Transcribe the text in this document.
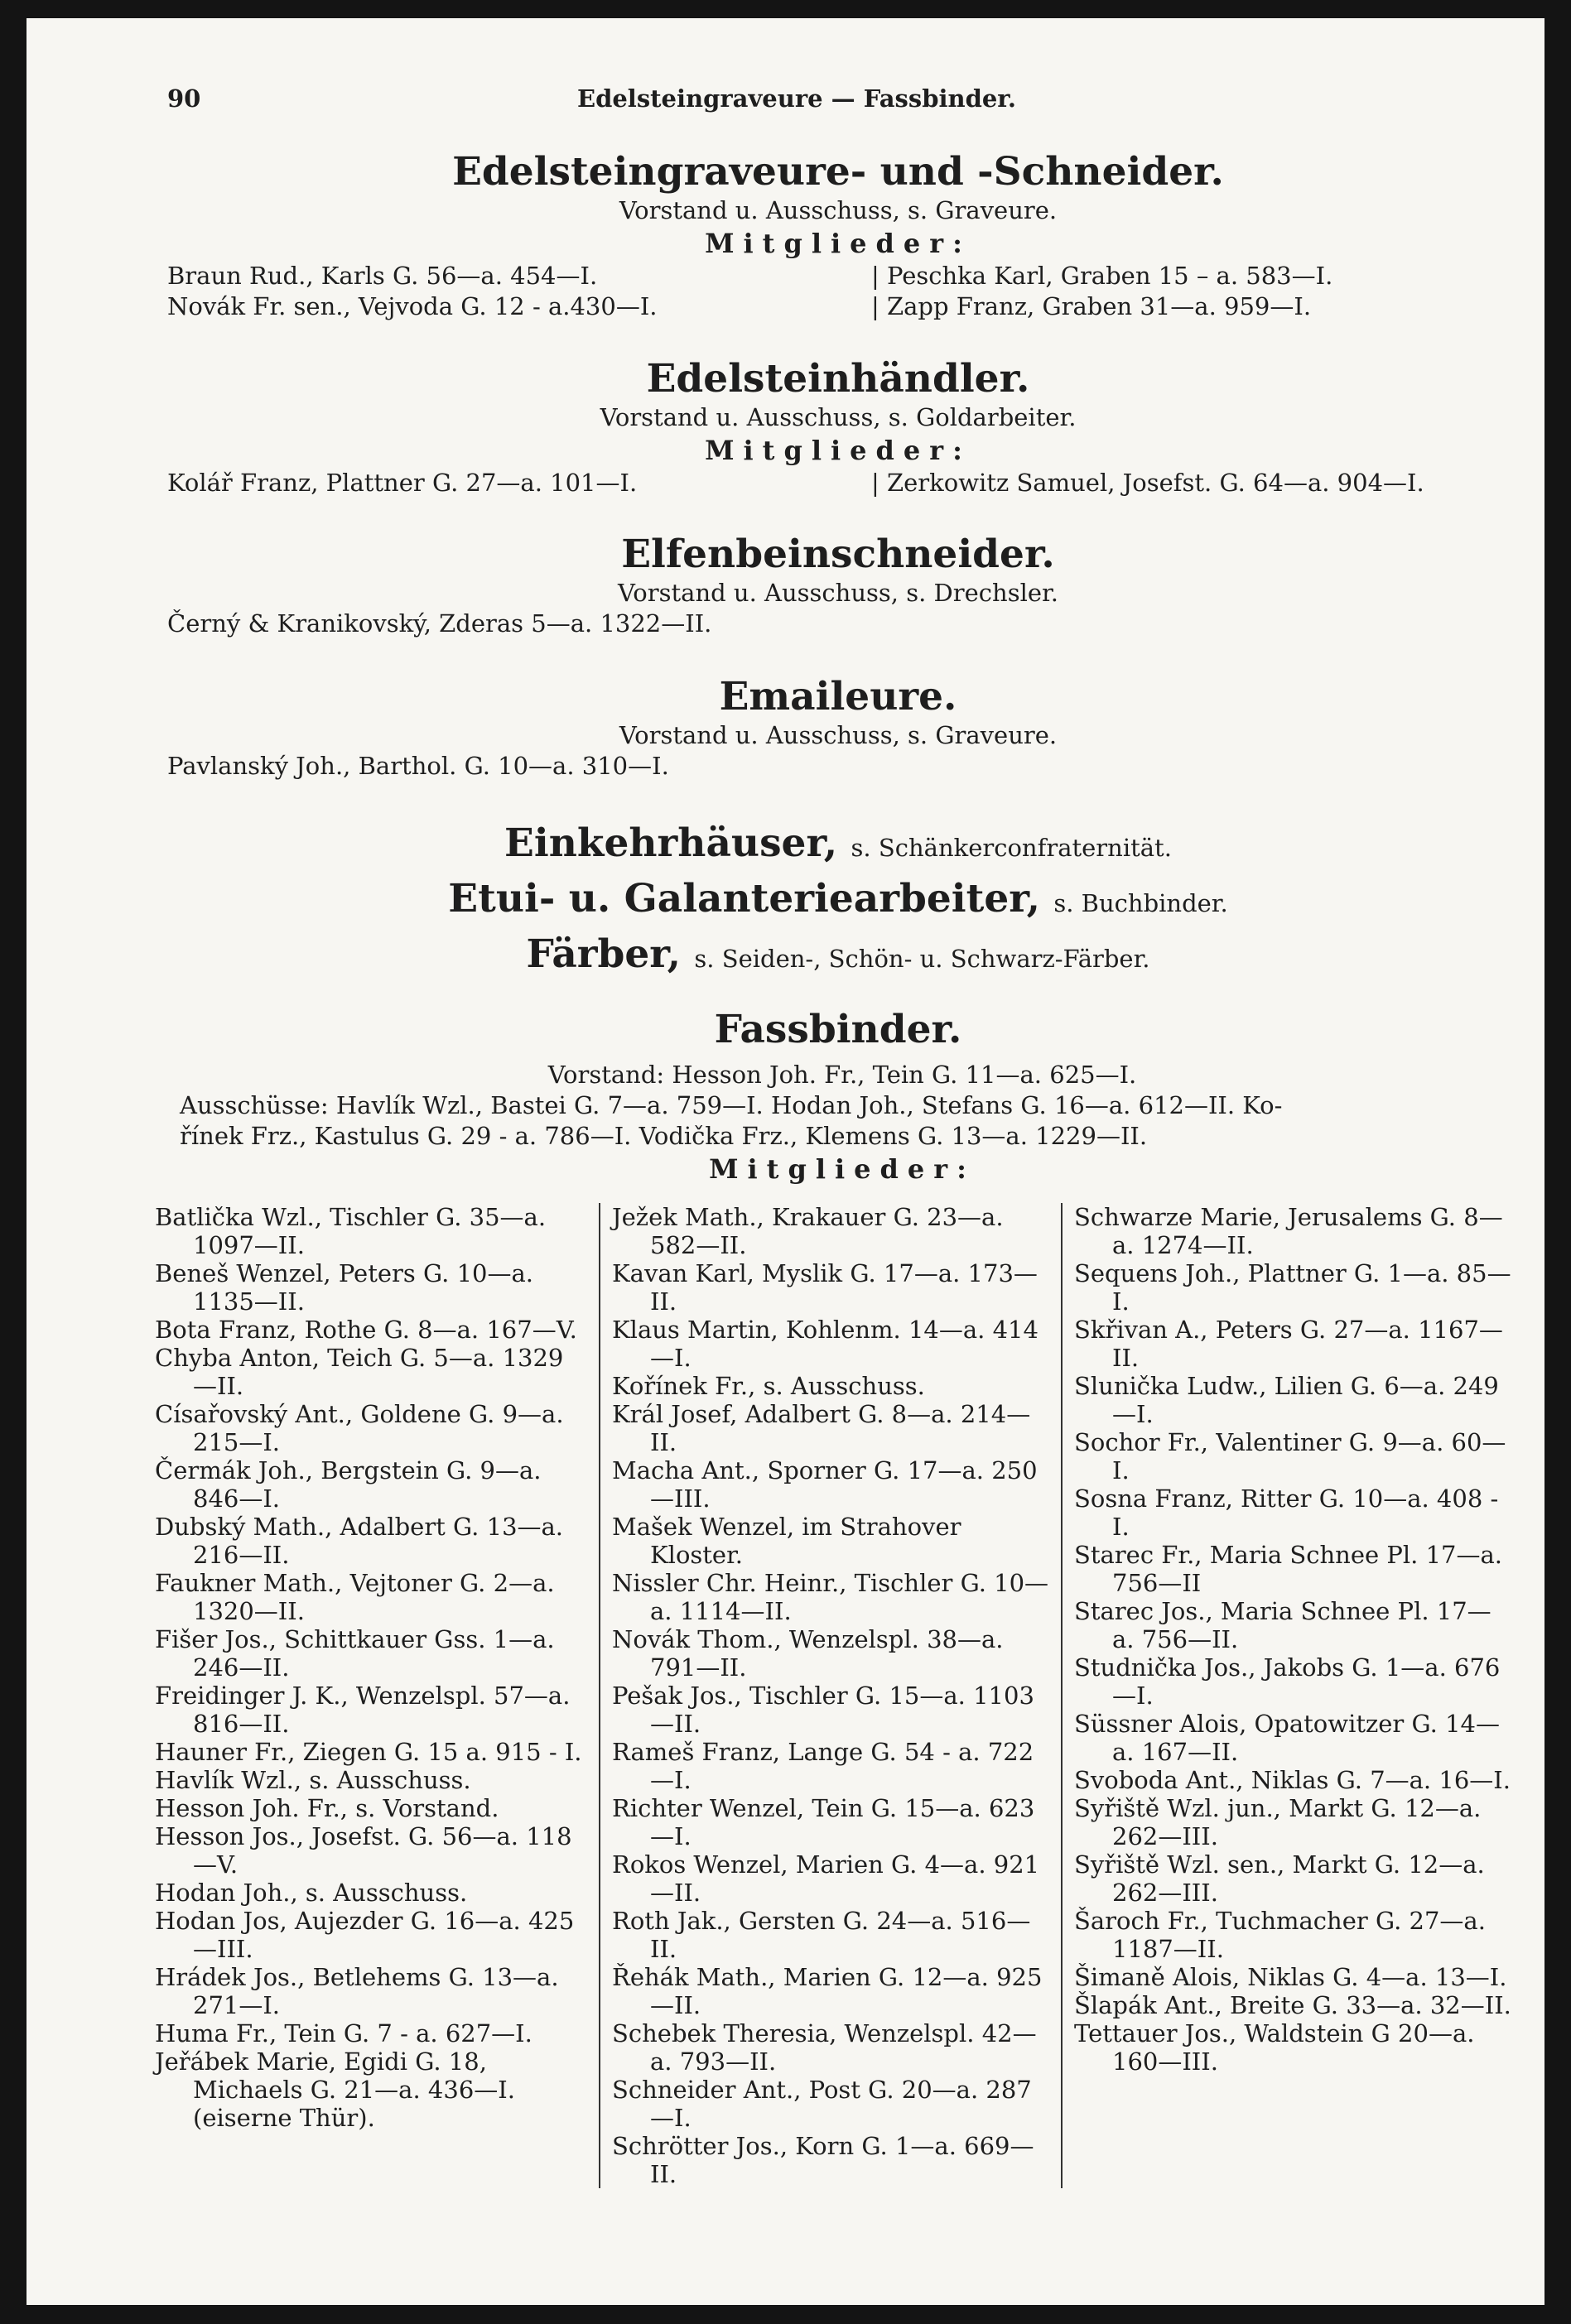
90	Edelsteingraveure — Fassbinder.
Edelsteingraveure- und -Schneider.
Vorstand u. Ausschuss, s. Graveure.
Mitglieder:
Braun Rud., Karls G. 56—a. 454—I.	| Peschka Karl, Graben 15 – a. 583—I.
Novák Fr. sen., Vejvoda G. 12 - a.430—I.	| Zapp Franz, Graben 31—a. 959—I.
Edelsteinhändler.
Vorstand u. Ausschuss, s. Goldarbeiter.
Mitglieder:
Kolář Franz, Plattner G. 27—a. 101—I.	| Zerkowitz Samuel, Josefst. G. 64—a. 904—I.
Elfenbeinschneider.
Vorstand u. Ausschuss, s. Drechsler.
Černý & Kranikovský, Zderas 5—a. 1322—II.
Emaileure.
Vorstand u. Ausschuss, s. Graveure.
Pavlanský Joh., Barthol. G. 10—a. 310—I.
Einkehrhäuser, s. Schänkerconfraternität.
Etui- u. Galanteriearbeiter, s. Buchbinder.
Färber, s. Seiden-, Schön- u. Schwarz-Färber.
Fassbinder.
Vorstand: Hesson Joh. Fr., Tein G. 11—a. 625—I.
Ausschüsse: Havlík Wzl., Bastei G. 7—a. 759—I. Hodan Joh., Stefans G. 16—a. 612—II. Ko-
řínek Frz., Kastulus G. 29 - a. 786—I. Vodička Frz., Klemens G. 13—a. 1229—II.
Mitglieder:

Batlička Wzl., Tischler G. 35—a. 1097—II.

Beneš Wenzel, Peters G. 10—a. 1135—II.

Bota Franz, Rothe G. 8—a. 167—V.

Chyba Anton, Teich G. 5—a. 1329—II.

Císařovský Ant., Goldene G. 9—a. 215—I.

Čermák Joh., Bergstein G. 9—a. 846—I.

Dubský Math., Adalbert G. 13—a. 216—II.

Faukner Math., Vejtoner G. 2—a. 1320—II.

Fišer Jos., Schittkauer Gss. 1—a. 246—II.

Freidinger J. K., Wenzelspl. 57—a. 816—II.

Hauner Fr., Ziegen G. 15 a. 915 - I.

Havlík Wzl., s. Ausschuss.

Hesson Joh. Fr., s. Vorstand.

Hesson Jos., Josefst. G. 56—a. 118—V.

Hodan Joh., s. Ausschuss.

Hodan Jos, Aujezder G. 16—a. 425—III.

Hrádek Jos., Betlehems G. 13—a. 271—I.

Huma Fr., Tein G. 7 - a. 627—I.

Jeřábek Marie, Egidi G. 18, Michaels G. 21—a. 436—I. (eiserne Thür).

Ježek Math., Krakauer G. 23—a. 582—II.

Kavan Karl, Myslik G. 17—a. 173—II.

Klaus Martin, Kohlenm. 14—a. 414—I.

Kořínek Fr., s. Ausschuss.

Král Josef, Adalbert G. 8—a. 214—II.

Macha Ant., Sporner G. 17—a. 250—III.

Mašek Wenzel, im Strahover Kloster.

Nissler Chr. Heinr., Tischler G. 10—a. 1114—II.

Novák Thom., Wenzelspl. 38—a. 791—II.

Pešak Jos., Tischler G. 15—a. 1103—II.

Rameš Franz, Lange G. 54 - a. 722—I.

Richter Wenzel, Tein G. 15—a. 623—I.

Rokos Wenzel, Marien G. 4—a. 921—II.

Roth Jak., Gersten G. 24—a. 516—II.

Řehák Math., Marien G. 12—a. 925—II.

Schebek Theresia, Wenzelspl. 42—a. 793—II.

Schneider Ant., Post G. 20—a. 287—I.

Schrötter Jos., Korn G. 1—a. 669—II.

Schwarze Marie, Jerusalems G. 8—a. 1274—II.

Sequens Joh., Plattner G. 1—a. 85—I.

Skřivan A., Peters G. 27—a. 1167—II.

Slunička Ludw., Lilien G. 6—a. 249—I.

Sochor Fr., Valentiner G. 9—a. 60—I.

Sosna Franz, Ritter G. 10—a. 408 - I.

Starec Fr., Maria Schnee Pl. 17—a. 756—II

Starec Jos., Maria Schnee Pl. 17—a. 756—II.

Studnička Jos., Jakobs G. 1—a. 676—I.

Süssner Alois, Opatowitzer G. 14—a. 167—II.

Svoboda Ant., Niklas G. 7—a. 16—I.

Syřiště Wzl. jun., Markt G. 12—a. 262—III.

Syřiště Wzl. sen., Markt G. 12—a. 262—III.

Šaroch Fr., Tuchmacher G. 27—a. 1187—II.

Šimaně Alois, Niklas G. 4—a. 13—I.

Šlapák Ant., Breite G. 33—a. 32—II.

Tettauer Jos., Waldstein G 20—a. 160—III.
